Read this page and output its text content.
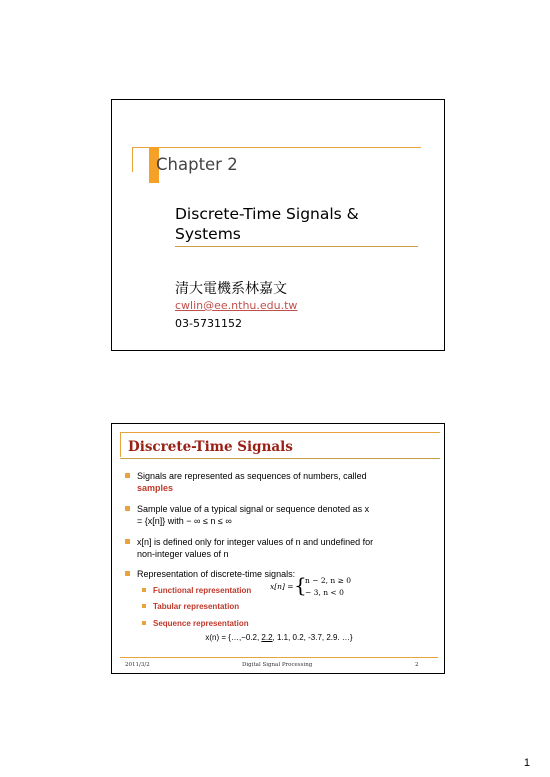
Chapter 2
Discrete-Time Signals & Systems
清大電機系林嘉文
cwlin@ee.nthu.edu.tw
03-5731152
Discrete-Time Signals
Signals are represented as sequences of numbers, called
samples
Sample value of a typical signal or sequence denoted as x
= {x[n]} with − ∞ ≤ n ≤ ∞
x[n] is defined only for integer values of n and undefined for
non-integer values of n
Representation of discrete-time signals:
Functional representation
Tabular representation
Sequence representation
x[n] = {
n − 2, n ≥ 0
− 3, n < 0
x(n) = {…,−0.2, 2.2, 1.1, 0.2, -3.7, 2.9. …}
2011/3/2	Digital Signal Processing	2
1
